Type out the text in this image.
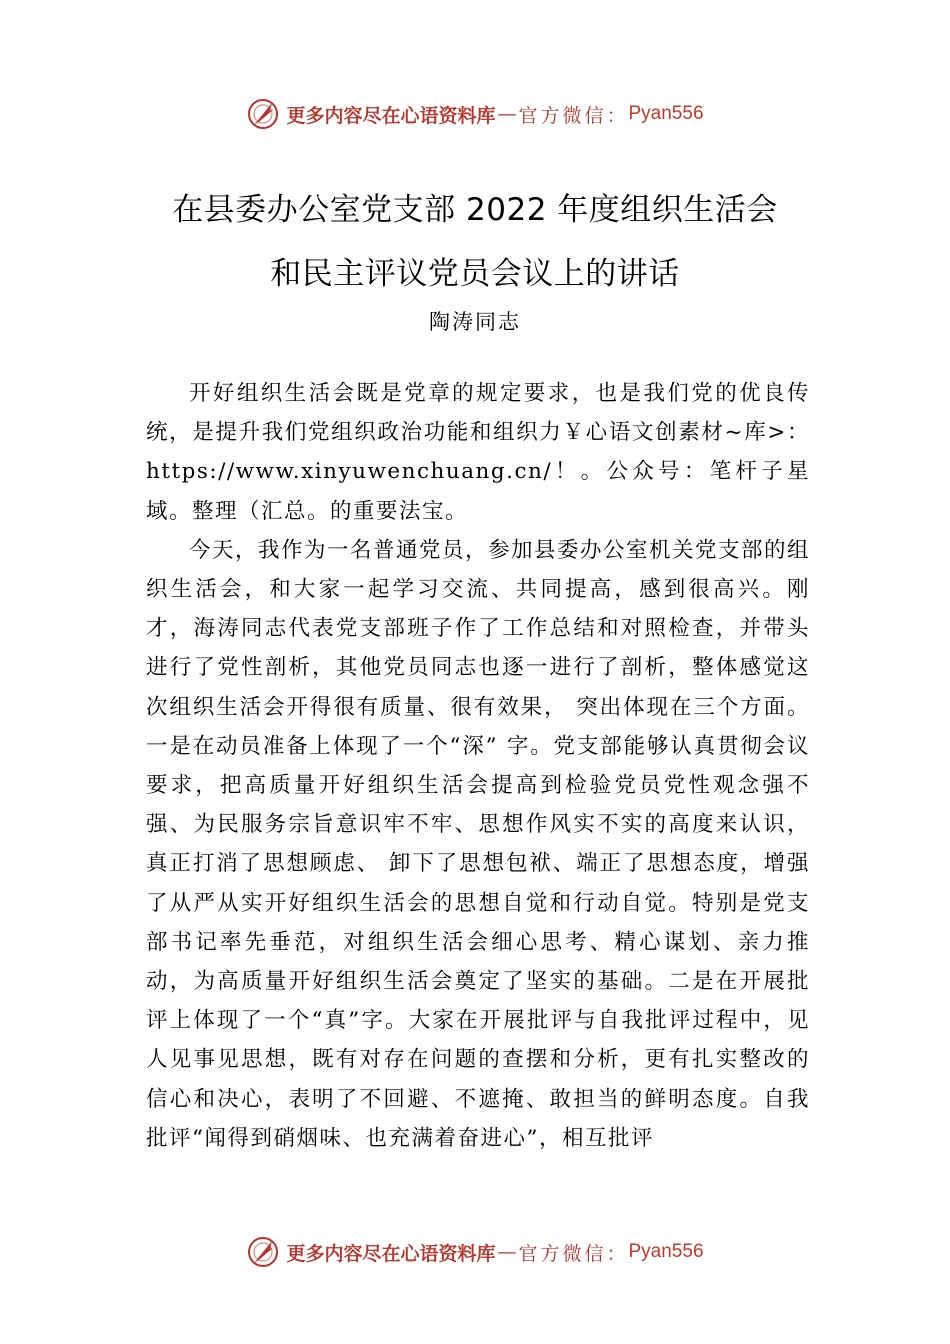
更多内容尽在心语资料库 — 官方微信： Pyan556
在县委办公室党支部 2022 年度组织生活会
和民主评议党员会议上的讲话
陶涛同志

开好组织生活会既是党章的规定要求，也是我们党的优良传统，是提升我们党组织政治功能和组织力￥心语文创素材~库>：https://www.xinyuwenchuang.cn/！。公众号：笔杆子星域。整理（汇总。的重要法宝。

今天，我作为一名普通党员，参加县委办公室机关党支部的组织生活会，和大家一起学习交流、共同提高，感到很高兴。刚才，海涛同志代表党支部班子作了工作总结和对照检查，并带头进行了党性剖析，其他党员同志也逐一进行了剖析，整体感觉这次组织生活会开得很有质量、很有效果， 突出体现在三个方面。一是在动员准备上体现了一个“深” 字。党支部能够认真贯彻会议要求，把高质量开好组织生活会提高到检验党员党性观念强不强、为民服务宗旨意识牢不牢、思想作风实不实的高度来认识，真正打消了思想顾虑、 卸下了思想包袱、端正了思想态度，增强了从严从实开好组织生活会的思想自觉和行动自觉。特别是党支部书记率先垂范，对组织生活会细心思考、精心谋划、亲力推动，为高质量开好组织生活会奠定了坚实的基础。二是在开展批评上体现了一个“真”字。大家在开展批评与自我批评过程中，见人见事见思想，既有对存在问题的查摆和分析，更有扎实整改的信心和决心，表明了不回避、不遮掩、敢担当的鲜明态度。自我批评“闻得到硝烟味、也充满着奋进心”，相互批评

更多内容尽在心语资料库 — 官方微信： Pyan556
